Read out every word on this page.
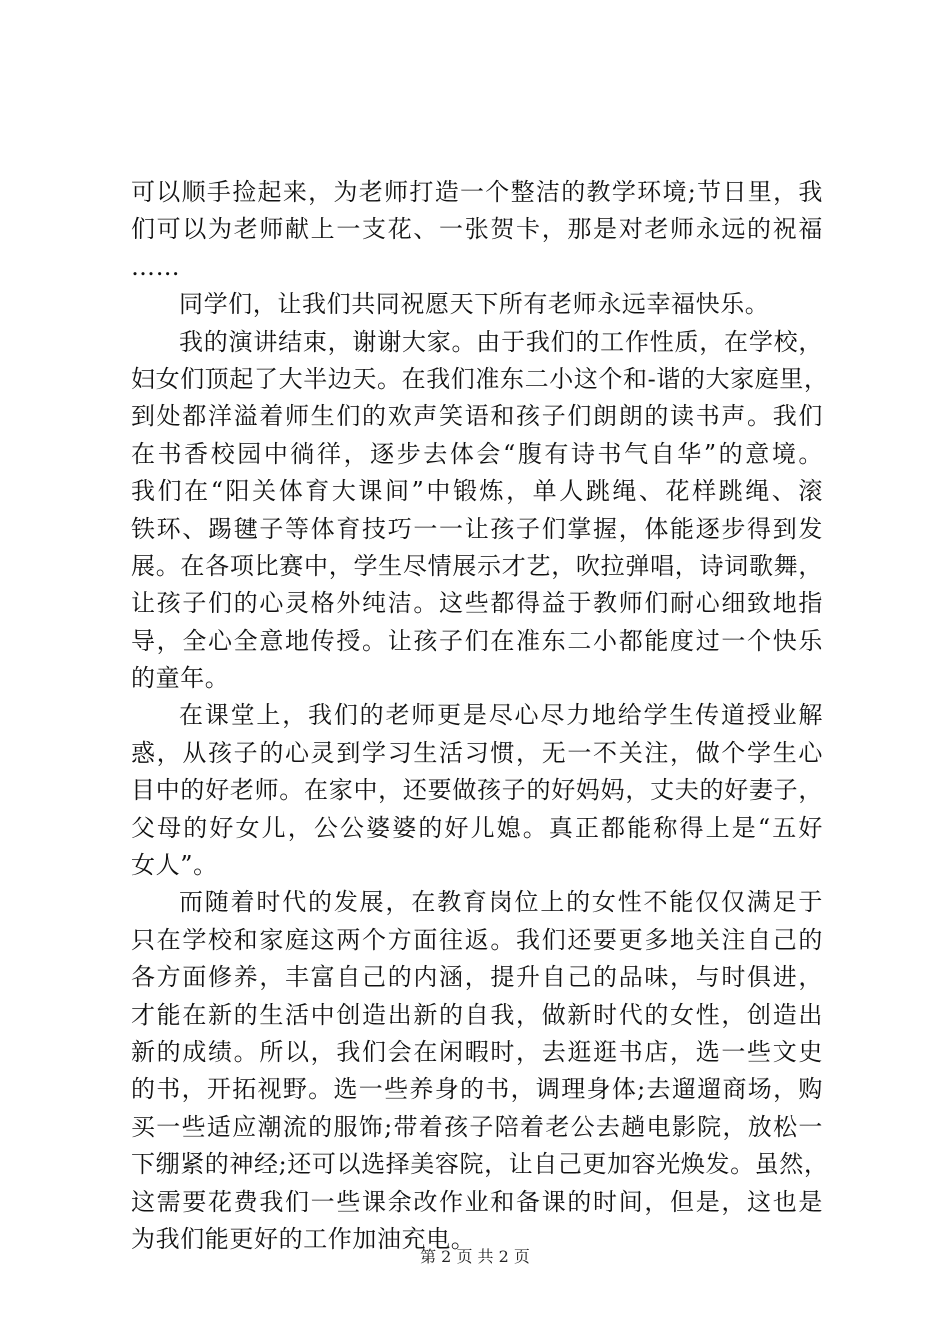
可以顺手捡起来，为老师打造一个整洁的教学环境;节日里，我
们可以为老师献上一支花、一张贺卡，那是对老师永远的祝福
……
同学们，让我们共同祝愿天下所有老师永远幸福快乐。
我的演讲结束，谢谢大家。由于我们的工作性质，在学校，
妇女们顶起了大半边天。在我们准东二小这个和-谐的大家庭里，
到处都洋溢着师生们的欢声笑语和孩子们朗朗的读书声。我们
在书香校园中徜徉，逐步去体会“腹有诗书气自华”的意境。
我们在“阳关体育大课间”中锻炼，单人跳绳、花样跳绳、滚
铁环、踢毽子等体育技巧一一让孩子们掌握，体能逐步得到发
展。在各项比赛中，学生尽情展示才艺，吹拉弹唱，诗词歌舞，
让孩子们的心灵格外纯洁。这些都得益于教师们耐心细致地指
导，全心全意地传授。让孩子们在准东二小都能度过一个快乐
的童年。
在课堂上，我们的老师更是尽心尽力地给学生传道授业解
惑，从孩子的心灵到学习生活习惯，无一不关注，做个学生心
目中的好老师。在家中，还要做孩子的好妈妈，丈夫的好妻子，
父母的好女儿，公公婆婆的好儿媳。真正都能称得上是“五好
女人”。
而随着时代的发展，在教育岗位上的女性不能仅仅满足于
只在学校和家庭这两个方面往返。我们还要更多地关注自己的
各方面修养，丰富自己的内涵，提升自己的品味，与时俱进，
才能在新的生活中创造出新的自我，做新时代的女性，创造出
新的成绩。所以，我们会在闲暇时，去逛逛书店，选一些文史
的书，开拓视野。选一些养身的书，调理身体;去遛遛商场，购
买一些适应潮流的服饰;带着孩子陪着老公去趟电影院，放松一
下绷紧的神经;还可以选择美容院，让自己更加容光焕发。虽然，
这需要花费我们一些课余改作业和备课的时间，但是，这也是
为我们能更好的工作加油充电。
第 2 页 共 2 页
